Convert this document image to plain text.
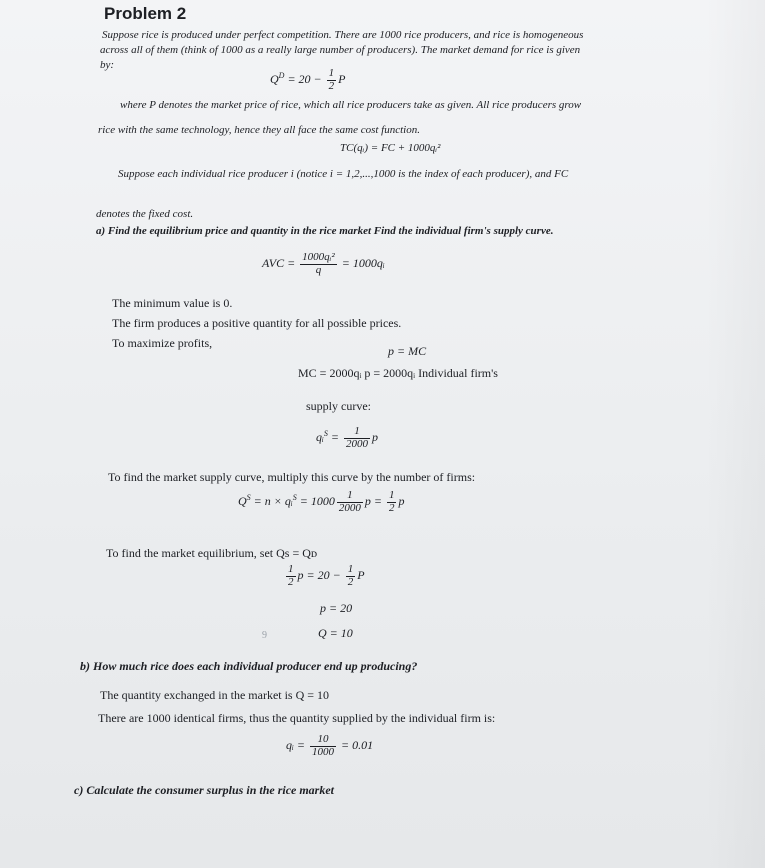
Problem 2
Suppose rice is produced under perfect competition. There are 1000 rice producers, and rice is homogeneous
across all of them (think of 1000 as a really large number of producers). The market demand for rice is given
by:
$Q^D = 20 - \frac{1}{2}$ P
where P denotes the market price of rice, which all rice producers take as given. All rice producers grow
rice with the same technology, hence they all face the same cost function.
TC(qᵢ) = FC + 1000qᵢ²
Suppose each individual rice producer i (notice i = 1,2,...,1000 is the index of each producer), and FC
denotes the fixed cost.
a) Find the equilibrium price and quantity in the rice market Find the individual firm's supply curve.
AVC = $\frac{\text{1000qᵢ²}}{q}$ = 1000qᵢ
The minimum value is 0.
The firm produces a positive quantity for all possible prices.
To maximize profits,
p = MC
MC = 2000qᵢ p = 2000qᵢ Individual firm's
supply curve:
qᵢ$^S$ = $\frac{1}{2000}$ p
To find the market supply curve, multiply this curve by the number of firms:
$Q^S = n$ × qᵢ$^S$ = $1000 \frac{1}{2000}$ $p = \frac{1}{2}$ p
To find the market equilibrium, set Qs = Qᴅ
$\frac{1}{2}$ $p = 20 - \frac{1}{2}$ P
p = 20
Q = 10
9
b) How much rice does each individual producer end up producing?
The quantity exchanged in the market is Q = 10
There are 1000 identical firms, thus the quantity supplied by the individual firm is:
qᵢ = $\frac{10}{1000} = 0.01$
c) Calculate the consumer surplus in the rice market
